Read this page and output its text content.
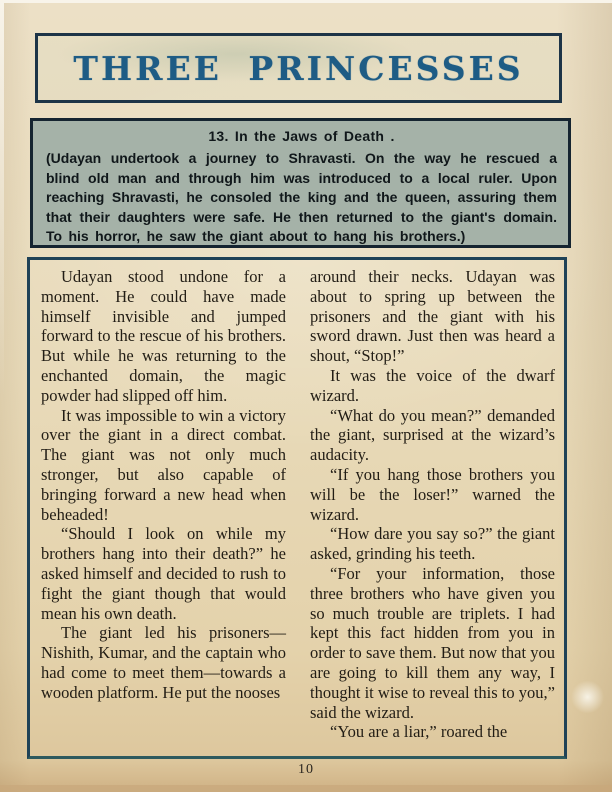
THREE PRINCESSES
13. In the Jaws of Death .

(Udayan undertook a journey to Shravasti. On the way he rescued a blind old man and through him was introduced to a local ruler. Upon reaching Shravasti, he consoled the king and the queen, assuring them that their daughters were safe. He then returned to the giant's domain. To his horror, he saw the giant about to hang his brothers.)

Udayan stood undone for a moment. He could have made himself invisible and jumped forward to the rescue of his brothers. But while he was returning to the enchanted domain, the magic powder had slipped off him.

It was impossible to win a victory over the giant in a direct combat. The giant was not only much stronger, but also capable of bringing forward a new head when beheaded!

“Should I look on while my brothers hang into their death?” he asked himself and decided to rush to fight the giant though that would mean his own death.

The giant led his prisoners—Nishith, Kumar, and the captain who had come to meet them—towards a wooden platform. He put the nooses

around their necks. Udayan was about to spring up between the prisoners and the giant with his sword drawn. Just then was heard a shout, “Stop!”

It was the voice of the dwarf wizard.

“What do you mean?” demanded the giant, surprised at the wizard’s audacity.

“If you hang those brothers you will be the loser!” warned the wizard.

“How dare you say so?” the giant asked, grinding his teeth.

“For your information, those three brothers who have given you so much trouble are triplets. I had kept this fact hidden from you in order to save them. But now that you are going to kill them any way, I thought it wise to reveal this to you,” said the wizard.

“You are a liar,” roared the

10
